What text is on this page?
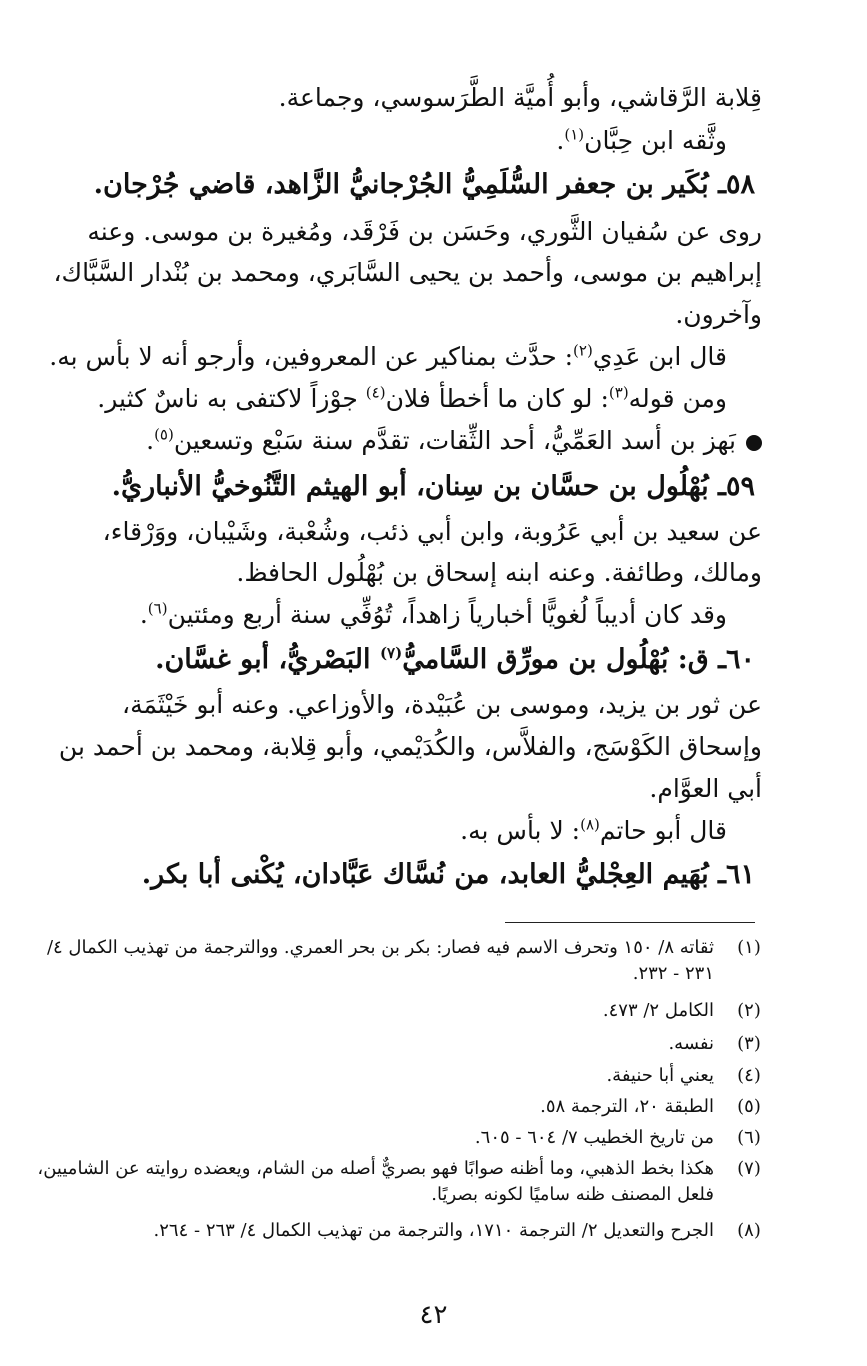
قِلابة الرَّقاشي، وأبو أُميَّة الطَّرَسوسي، وجماعة.
وثَّقه ابن حِبَّان$^{(١)}$.
٥٨ـ بُكَير بن جعفر السُّلَمِيُّ الجُرْجانيُّ الزَّاهد، قاضي جُرْجان.
روى عن سُفيان الثَّوري، وحَسَن بن فَرْقَد، ومُغيرة بن موسى. وعنه
إبراهيم بن موسى، وأحمد بن يحيى السَّابَري، ومحمد بن بُنْدار السَّبَّاك،
وآخرون.
قال ابن عَدِي$^{(٢)}$: حدَّث بمناكير عن المعروفين، وأرجو أنه لا بأس به.
ومن قوله$^{(٣)}$: لو كان ما أخطأ فلان$^{(٤)}$ جوْزاً لاكتفى به ناسٌ كثير.
بَهز بن أسد العَمِّيُّ، أحد الثِّقات، تقدَّم سنة سَبْع وتسعين$^{(٥)}$.
٥٩ـ بُهْلُول بن حسَّان بن سِنان، أبو الهيثم التَّنُوخيُّ الأنباريُّ.
عن سعيد بن أبي عَرُوبة، وابن أبي ذئب، وشُعْبة، وشَيْبان، ووَرْقاء،
ومالك، وطائفة. وعنه ابنه إسحاق بن بُهْلُول الحافظ.
وقد كان أديباً لُغويًّا أخبارياً زاهداً، تُوُفِّي سنة أربع ومئتين$^{(٦)}$.
٦٠ـ ق: بُهْلُول بن مورِّق السَّاميُّ$^{(٧)}$ البَصْريُّ، أبو غسَّان.
عن ثور بن يزيد، وموسى بن عُبَيْدة، والأوزاعي. وعنه أبو خَيْثَمَة،
وإسحاق الكَوْسَج، والفلاَّس، والكُدَيْمي، وأبو قِلابة، ومحمد بن أحمد بن
أبي العوَّام.
قال أبو حاتم$^{(٨)}$: لا بأس به.
٦١ـ بُهَيم العِجْليُّ العابد، من نُسَّاك عَبَّادان، يُكْنى أبا بكر.
(١)
ثقاته ٨/ ١٥٠ وتحرف الاسم فيه فصار: بكر بن بحر العمري. ووالترجمة من تهذيب الكمال ٤/ ٢٣١ - ٢٣٢.
(٢)
الكامل ٢/ ٤٧٣.
(٣)
نفسه.
(٤)
يعني أبا حنيفة.
(٥)
الطبقة ٢٠، الترجمة ٥٨.
(٦)
من تاريخ الخطيب ٧/ ٦٠٤ - ٦٠٥.
(٧)
هكذا بخط الذهبي، وما أظنه صوابًا فهو بصريٌّ أصله من الشام، ويعضده روايته عن الشاميين، فلعل المصنف ظنه ساميًا لكونه بصريًا.
(٨)
الجرح والتعديل ٢/ الترجمة ١٧١٠، والترجمة من تهذيب الكمال ٤/ ٢٦٣ - ٢٦٤.
٤٢
